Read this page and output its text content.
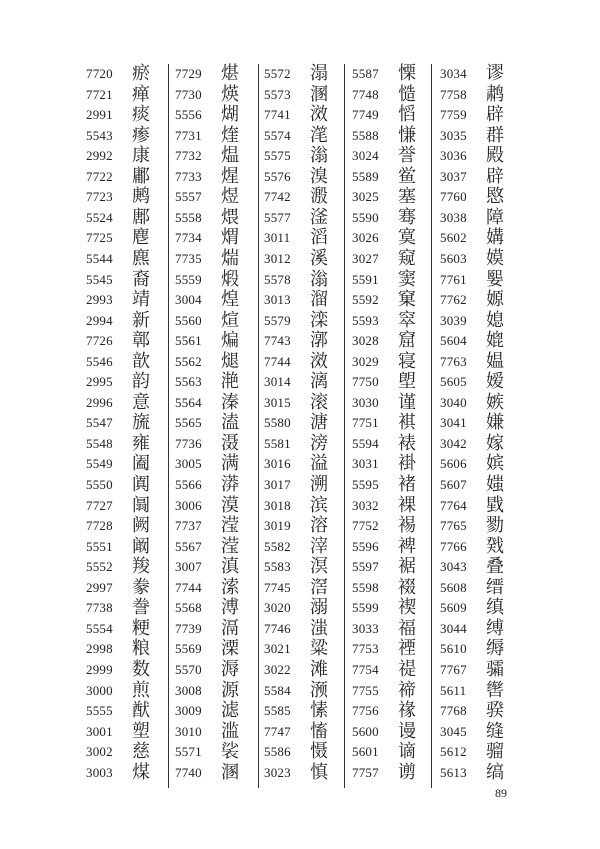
7720	瘀
7721	瘅
2991	痰
5543	瘆
2992	康
7722	鄘
7723	鹒
5524	鄌
7725	麀
5544	麃
5545	裔
2993	靖
2994	新
7726	鄣
5546	歆
2995	韵
2996	意
5547	旒
5548	雍
5549	阖
5550	阗
7727	阘
7728	阙
5551	阚
5552	羧
2997	豢
7738	誊
5554	粳
2998	粮
2999	数
3000	煎
5555	猷
3001	塑
3002	慈
3003	煤
7729	煁
7730	煐
5556	煳
7731	煃
7732	煴
7733	煋
5557	煜
5558	煨
7734	煟
7735	煓
5559	煅
3004	煌
5560	煊
5561	煸
5562	煺
5563	滟
5564	溱
5565	溘
7736	滠
3005	满
5566	漭
3006	漠
7737	滢
5567	滢
3007	滇
7744	溹
5568	溥
7739	滆
5569	溧
5570	溽
3008	源
3009	滤
3010	滥
5571	裟
7740	溷
5572	溻
5573	溷
7741	滧
5574	滗
5575	滃
5576	溴
7742	溵
5577	滏
3011	滔
3012	溪
5578	滃
3013	溜
5579	滦
7743	漷
7744	滧
3014	漓
3015	滚
5580	溏
5581	滂
3016	溢
3017	溯
3018	滨
3019	溶
5582	滓
5583	溟
7745	滘
3020	溺
7746	滍
3021	粱
3022	滩
5584	滪
5585	愫
7747	慉
5586	慑
3023	慎
5587	慄
7748	慥
7749	慆
5588	慊
3024	誉
5589	鲎
3025	塞
5590	骞
3026	寞
3027	窥
5591	窦
5592	窠
5593	窣
3028	窟
3029	寝
7750	塱
3030	谨
7751	褀
5594	裱
3031	褂
5595	褚
3032	裸
7752	裼
5596	裨
5597	裾
5598	裰
5599	禊
3033	福
7753	禋
7754	禔
7755	禘
7756	禒
5600	谩
5601	谪
7757	谫
3034	谬
7758	鹔
7759	辟
3035	群
3036	殿
3037	辟
7760	愍
3038	障
5602	媾
5603	嫫
7761	媐
7762	嫄
3039	媳
5604	媲
7763	媪
5605	嫒
3040	嫉
3041	嫌
3042	嫁
5606	嫔
5607	媸
7764	戥
7765	勠
7766	戣
3043	叠
5608	缙
5609	缜
3044	缚
5610	缛
7767	骦
5611	辔
7768	骙
3045	缝
5612	骝
5613	缟
89
